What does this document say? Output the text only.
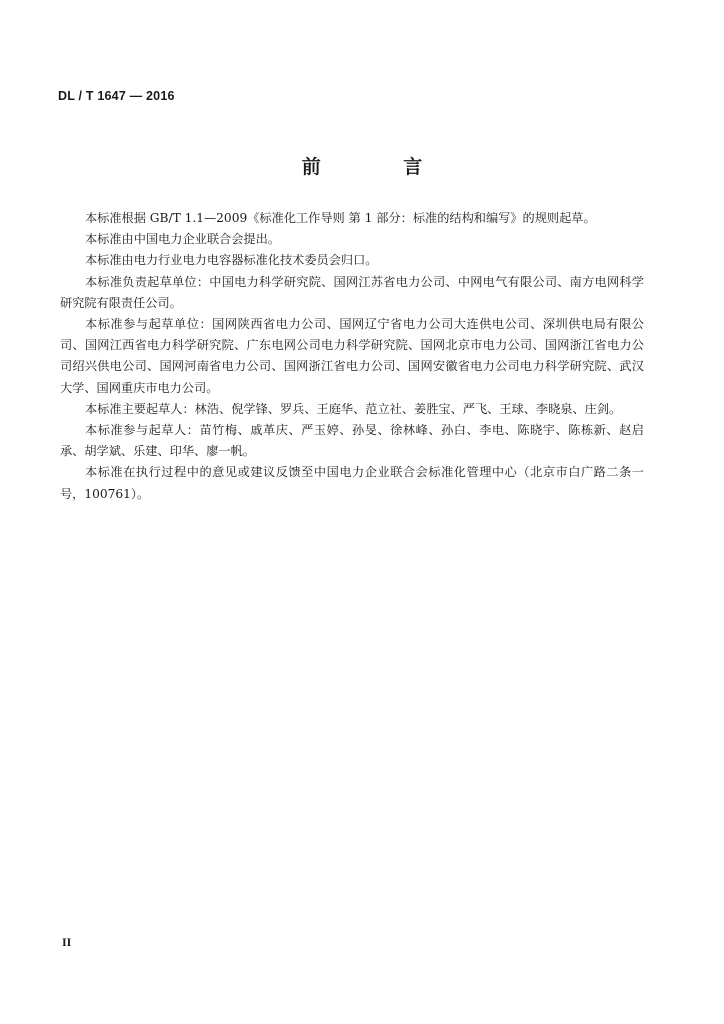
DL / T 1647 — 2016
前 言

本标准根据 GB/T 1.1—2009《标准化工作导则 第 1 部分：标准的结构和编写》的规则起草。

本标准由中国电力企业联合会提出。

本标准由电力行业电力电容器标准化技术委员会归口。

本标准负责起草单位：中国电力科学研究院、国网江苏省电力公司、中网电气有限公司、南方电网科学研究院有限责任公司。

本标准参与起草单位：国网陕西省电力公司、国网辽宁省电力公司大连供电公司、深圳供电局有限公司、国网江西省电力科学研究院、广东电网公司电力科学研究院、国网北京市电力公司、国网浙江省电力公司绍兴供电公司、国网河南省电力公司、国网浙江省电力公司、国网安徽省电力公司电力科学研究院、武汉大学、国网重庆市电力公司。

本标准主要起草人：林浩、倪学锋、罗兵、王庭华、范立社、姜胜宝、严飞、王球、李晓泉、庄剑。

本标准参与起草人：苗竹梅、戚革庆、严玉婷、孙旻、徐林峰、孙白、李电、陈晓宇、陈栋新、赵启承、胡学斌、乐建、印华、廖一帆。

本标准在执行过程中的意见或建议反馈至中国电力企业联合会标准化管理中心（北京市白广路二条一号，100761）。

II
